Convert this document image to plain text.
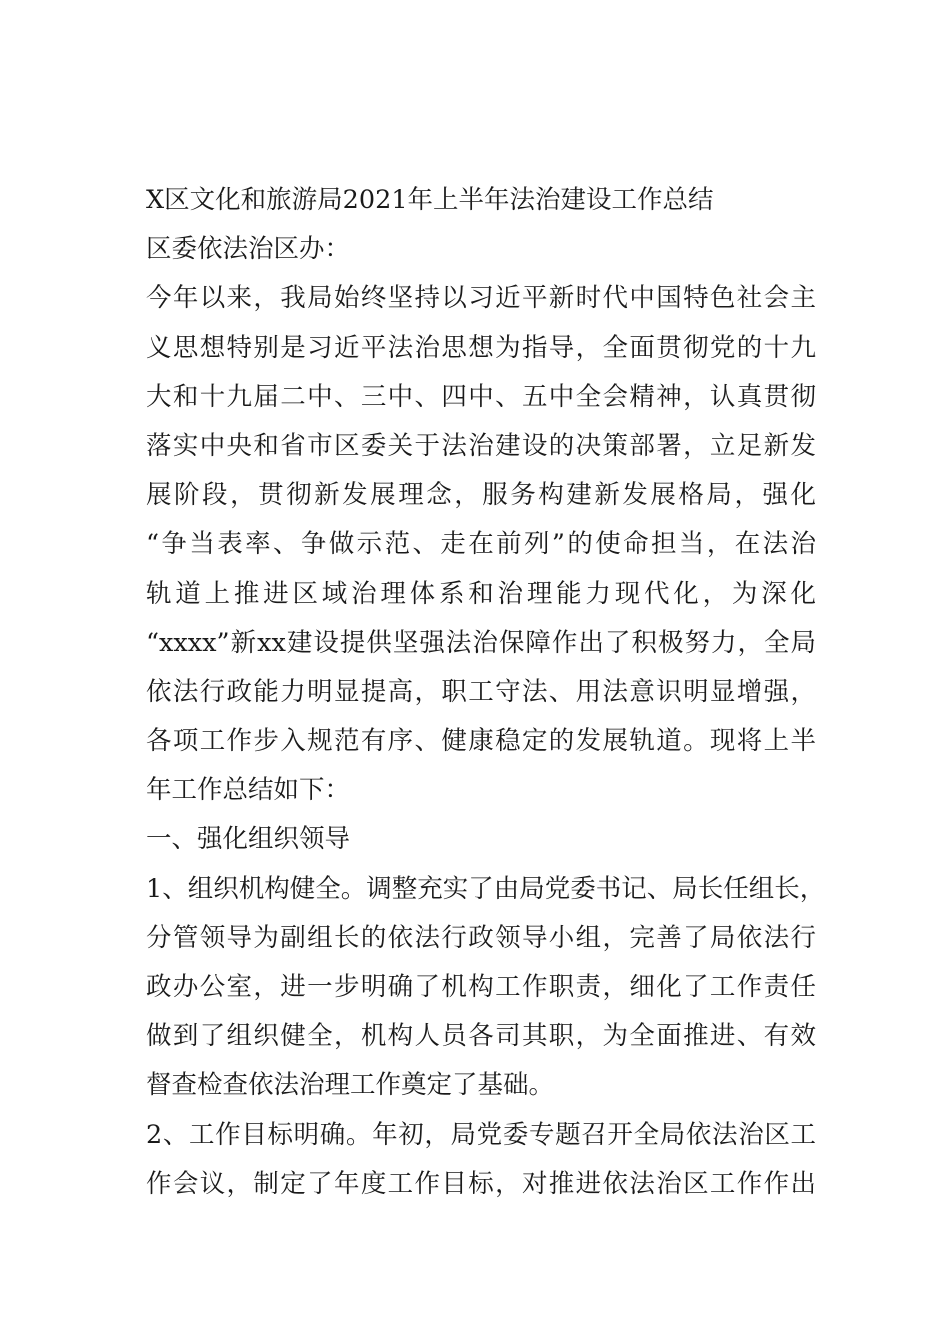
X区文化和旅游局2021年上半年法治建设工作总结
区委依法治区办：
今年以来，我局始终坚持以习近平新时代中国特色社会主
义思想特别是习近平法治思想为指导，全面贯彻党的十九
大和十九届二中、三中、四中、五中全会精神，认真贯彻
落实中央和省市区委关于法治建设的决策部署，立足新发
展阶段，贯彻新发展理念，服务构建新发展格局，强化
“争当表率、争做示范、走在前列”的使命担当，在法治
轨道上推进区域治理体系和治理能力现代化，为深化
“xxxx”新xx建设提供坚强法治保障作出了积极努力，全局
依法行政能力明显提高，职工守法、用法意识明显增强，
各项工作步入规范有序、健康稳定的发展轨道。现将上半
年工作总结如下：
一、强化组织领导
1、组织机构健全。调整充实了由局党委书记、局长任组长，
分管领导为副组长的依法行政领导小组，完善了局依法行
政办公室，进一步明确了机构工作职责，细化了工作责任
做到了组织健全，机构人员各司其职，为全面推进、有效
督查检查依法治理工作奠定了基础。
2、工作目标明确。年初，局党委专题召开全局依法治区工
作会议，制定了年度工作目标，对推进依法治区工作作出
